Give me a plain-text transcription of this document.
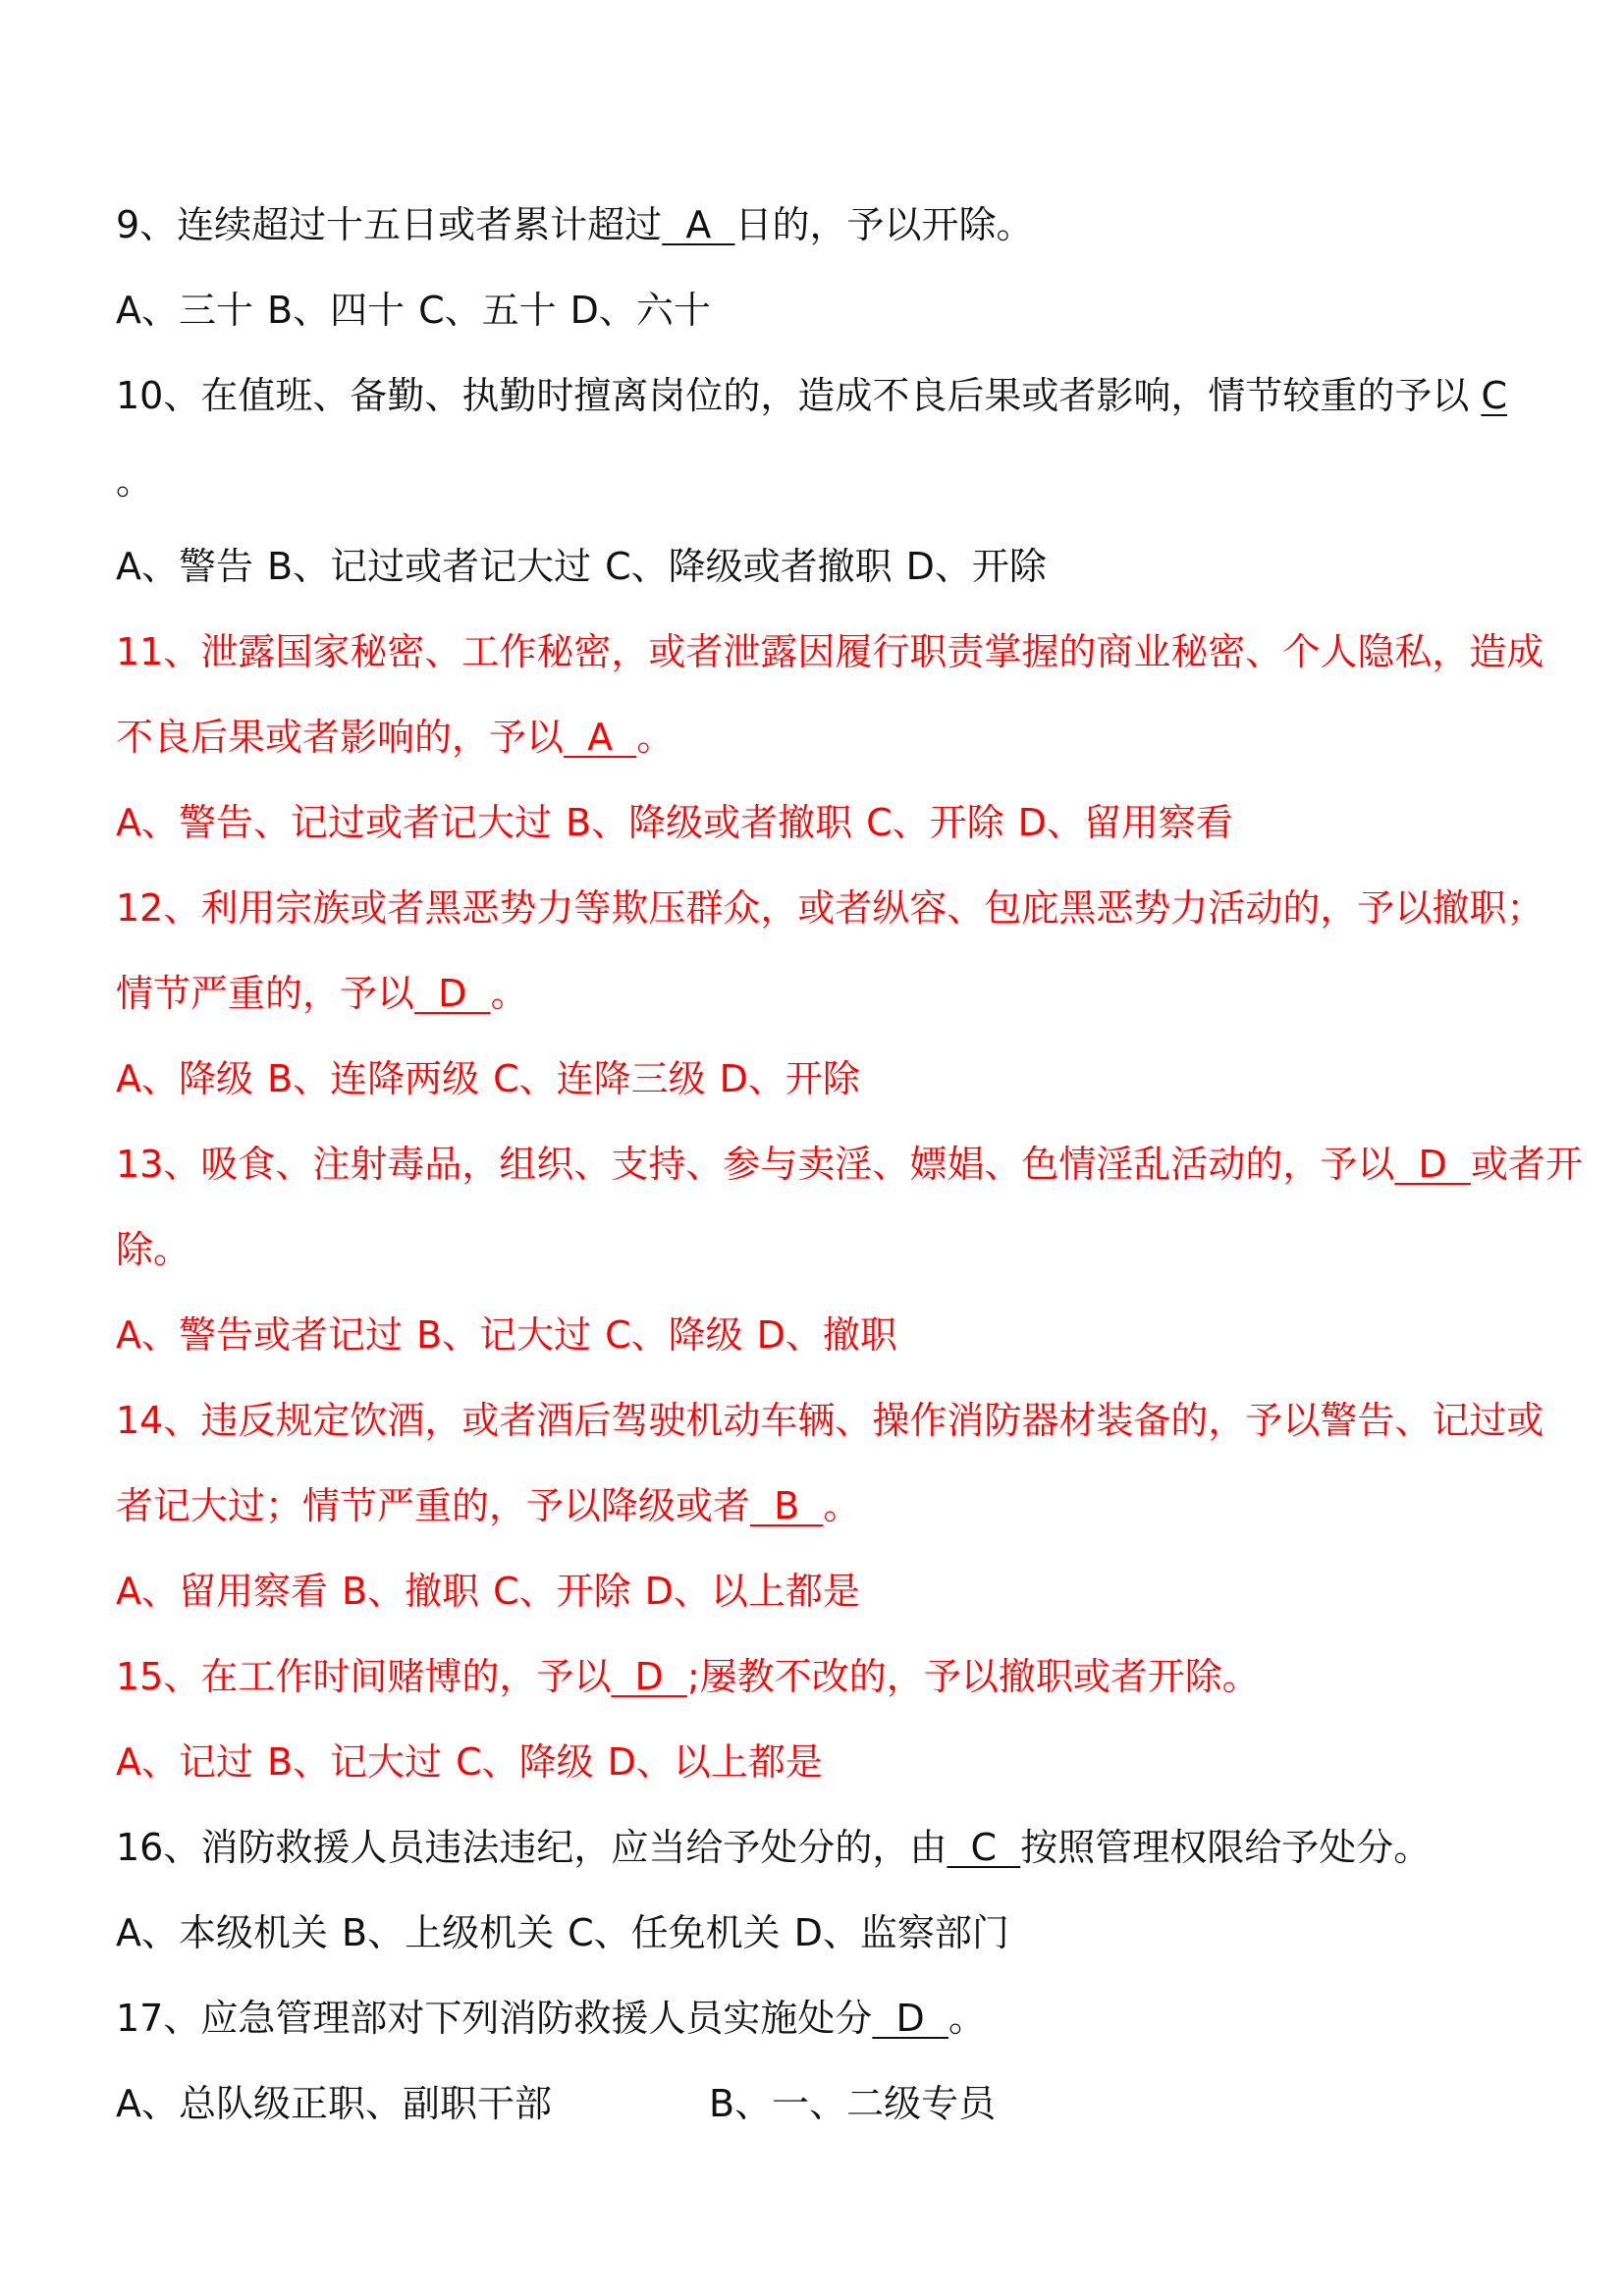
9、连续超过十五日或者累计超过  A  日的，予以开除。
A、三十 B、四十 C、五十 D、六十
10、在值班、备勤、执勤时擅离岗位的，造成不良后果或者影响，情节较重的予以 C
。
A、警告 B、记过或者记大过 C、降级或者撤职 D、开除
11、泄露国家秘密、工作秘密，或者泄露因履行职责掌握的商业秘密、个人隐私，造成
不良后果或者影响的，予以  A  。
A、警告、记过或者记大过 B、降级或者撤职 C、开除 D、留用察看
12、利用宗族或者黑恶势力等欺压群众，或者纵容、包庇黑恶势力活动的，予以撤职；
情节严重的，予以  D  。
A、降级 B、连降两级 C、连降三级 D、开除
13、吸食、注射毒品，组织、支持、参与卖淫、嫖娼、色情淫乱活动的，予以  D  或者开
除。
A、警告或者记过 B、记大过 C、降级 D、撤职
14、违反规定饮酒，或者酒后驾驶机动车辆、操作消防器材装备的，予以警告、记过或
者记大过；情节严重的，予以降级或者  B  。
A、留用察看 B、撤职 C、开除 D、以上都是
15、在工作时间赌博的，予以  D  ;屡教不改的，予以撤职或者开除。
A、记过 B、记大过 C、降级 D、以上都是
16、消防救援人员违法违纪，应当给予处分的，由  C  按照管理权限给予处分。
A、本级机关 B、上级机关 C、任免机关 D、监察部门
17、应急管理部对下列消防救援人员实施处分  D  。
A、总队级正职、副职干部	B、一、二级专员
